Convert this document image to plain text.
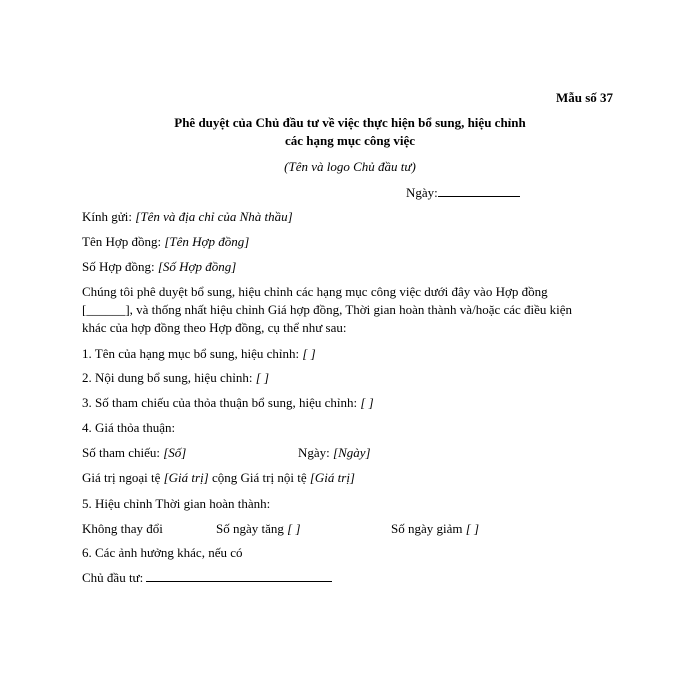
Mẫu số 37
Phê duyệt của Chủ đầu tư về việc thực hiện bổ sung, hiệu chỉnh
các hạng mục công việc
(Tên và logo Chủ đầu tư)
Ngày:
Kính gửi: [Tên và địa chỉ của Nhà thầu]
Tên Hợp đồng: [Tên Hợp đồng]
Số Hợp đồng: [Số Hợp đồng]
Chúng tôi phê duyệt bổ sung, hiệu chỉnh các hạng mục công việc dưới đây vào Hợp đồng
[______], và thống nhất hiệu chỉnh Giá hợp đồng, Thời gian hoàn thành và/hoặc các điều kiện
khác của hợp đồng theo Hợp đồng, cụ thể như sau:
1. Tên của hạng mục bổ sung, hiệu chỉnh: [ ]
2. Nội dung bổ sung, hiệu chỉnh: [ ]
3. Số tham chiếu của thỏa thuận bổ sung, hiệu chỉnh: [ ]
4. Giá thỏa thuận:
Số tham chiếu: [Số]	Ngày: [Ngày]
Giá trị ngoại tệ [Giá trị] cộng Giá trị nội tệ [Giá trị]
5. Hiệu chỉnh Thời gian hoàn thành:
Không thay đổi	Số ngày tăng [ ]	Số ngày giảm [ ]
6. Các ảnh hưởng khác, nếu có
Chủ đầu tư:
